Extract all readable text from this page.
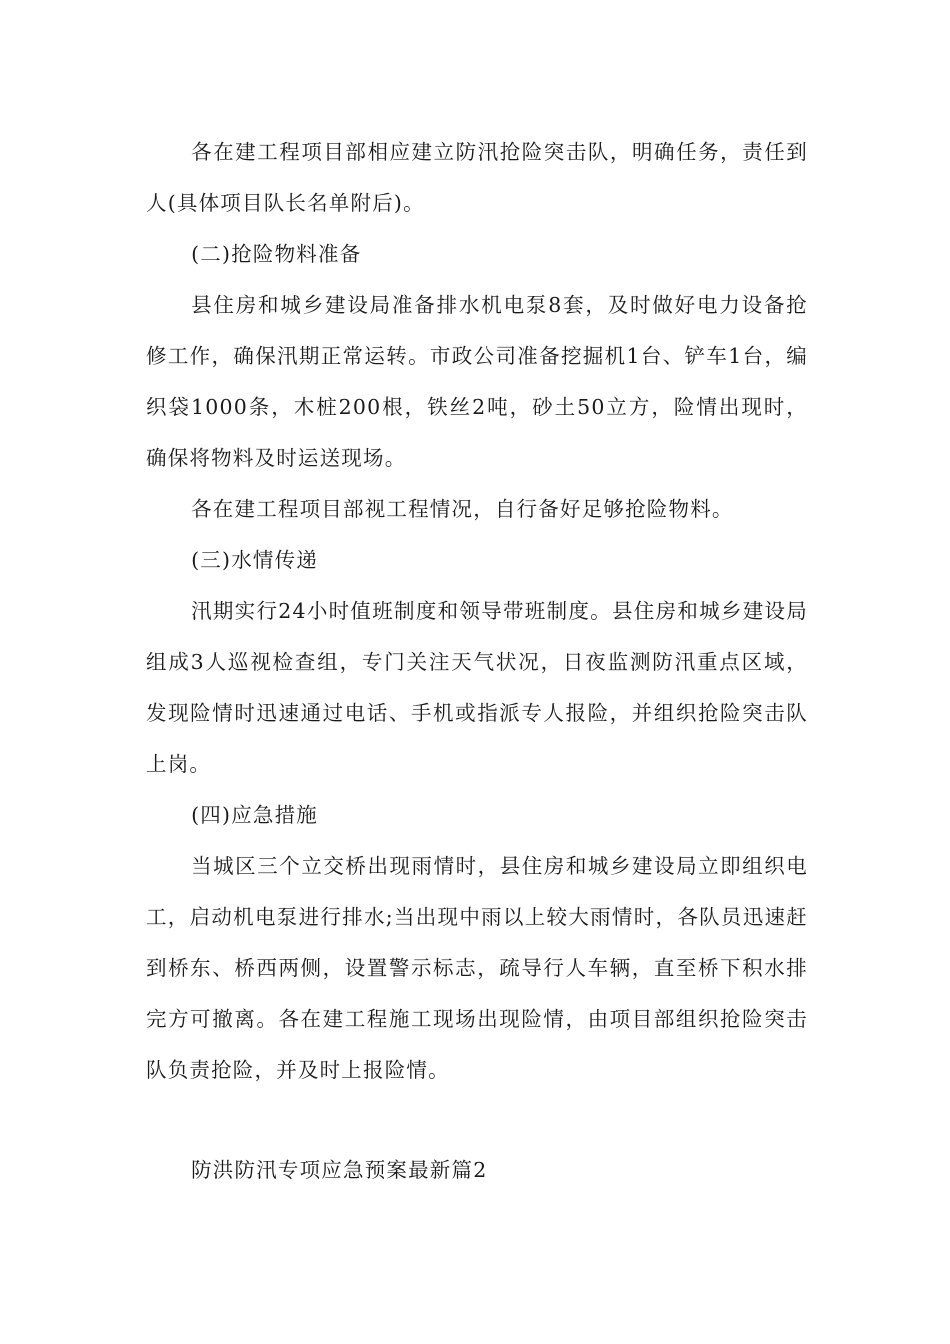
各在建工程项目部相应建立防汛抢险突击队，明确任务，责任到人(具体项目队长名单附后)。

(二)抢险物料准备

县住房和城乡建设局准备排水机电泵8套，及时做好电力设备抢修工作，确保汛期正常运转。市政公司准备挖掘机1台、铲车1台，编织袋1000条，木桩200根，铁丝2吨，砂土50立方，险情出现时，确保将物料及时运送现场。

各在建工程项目部视工程情况，自行备好足够抢险物料。

(三)水情传递

汛期实行24小时值班制度和领导带班制度。县住房和城乡建设局组成3人巡视检查组，专门关注天气状况，日夜监测防汛重点区域，发现险情时迅速通过电话、手机或指派专人报险，并组织抢险突击队上岗。

(四)应急措施

当城区三个立交桥出现雨情时，县住房和城乡建设局立即组织电工，启动机电泵进行排水;当出现中雨以上较大雨情时，各队员迅速赶到桥东、桥西两侧，设置警示标志，疏导行人车辆，直至桥下积水排完方可撤离。各在建工程施工现场出现险情，由项目部组织抢险突击队负责抢险，并及时上报险情。

防洪防汛专项应急预案最新篇2
